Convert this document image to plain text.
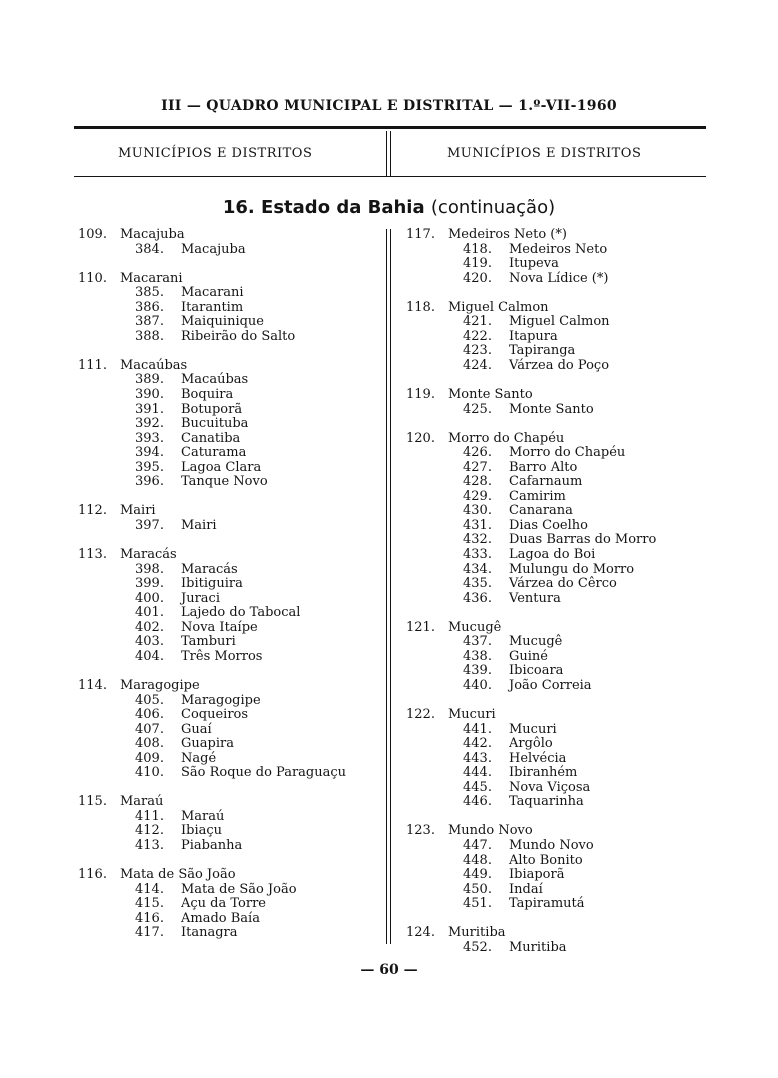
III — QUADRO MUNICIPAL E DISTRITAL — 1.º-VII-1960
MUNICÍPIOS E DISTRITOS	MUNICÍPIOS E DISTRITOS
16. Estado da Bahia (continuação)
109. Macajuba
384. Macajuba
110. Macarani
385. Macarani
386. Itarantim
387. Maiquinique
388. Ribeirão do Salto
111. Macaúbas
389. Macaúbas
390. Boquira
391. Botuporã
392. Bucuituba
393. Canatiba
394. Caturama
395. Lagoa Clara
396. Tanque Novo
112. Mairi
397. Mairi
113. Maracás
398. Maracás
399. Ibitiguira
400. Juraci
401. Lajedo do Tabocal
402. Nova Itaípe
403. Tamburi
404. Três Morros
114. Maragogipe
405. Maragogipe
406. Coqueiros
407. Guaí
408. Guapira
409. Nagé
410. São Roque do Paraguaçu
115. Maraú
411. Maraú
412. Ibiaçu
413. Piabanha
116. Mata de São João
414. Mata de São João
415. Açu da Torre
416. Amado Baía
417. Itanagra
117. Medeiros Neto (*)
418. Medeiros Neto
419. Itupeva
420. Nova Lídice (*)
118. Miguel Calmon
421. Miguel Calmon
422. Itapura
423. Tapiranga
424. Várzea do Poço
119. Monte Santo
425. Monte Santo
120. Morro do Chapéu
426. Morro do Chapéu
427. Barro Alto
428. Cafarnaum
429. Camirim
430. Canarana
431. Dias Coelho
432. Duas Barras do Morro
433. Lagoa do Boi
434. Mulungu do Morro
435. Várzea do Cêrco
436. Ventura
121. Mucugê
437. Mucugê
438. Guiné
439. Ibicoara
440. João Correia
122. Mucuri
441. Mucuri
442. Argôlo
443. Helvécia
444. Ibiranhém
445. Nova Viçosa
446. Taquarinha
123. Mundo Novo
447. Mundo Novo
448. Alto Bonito
449. Ibiaporã
450. Indaí
451. Tapiramutá
124. Muritiba
452. Muritiba
— 60 —
